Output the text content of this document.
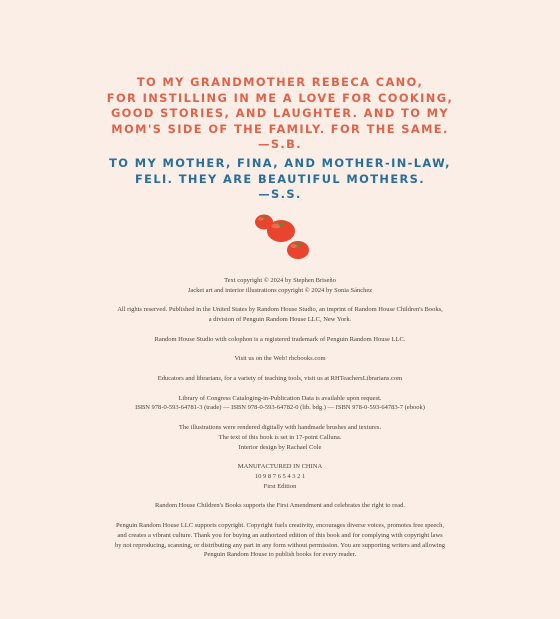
TO MY GRANDMOTHER REBECA CANO,
FOR INSTILLING IN ME A LOVE FOR COOKING,
GOOD STORIES, AND LAUGHTER. AND TO MY
MOM'S SIDE OF THE FAMILY. FOR THE SAME.
—S.B.
TO MY MOTHER, FINA, AND MOTHER-IN-LAW,
FELI. THEY ARE BEAUTIFUL MOTHERS.
—S.S.

Text copyright © 2024 by Stephen Briseño
Jacket art and interior illustrations copyright © 2024 by Sonia Sánchez

All rights reserved. Published in the United States by Random House Studio, an imprint of Random House Children's Books,
a division of Penguin Random House LLC, New York.

Random House Studio with colophon is a registered trademark of Penguin Random House LLC.

Visit us on the Web! rhcbooks.com

Educators and librarians, for a variety of teaching tools, visit us at RHTeachersLibrarians.com

Library of Congress Cataloging-in-Publication Data is available upon request.
ISBN 978-0-593-64781-3 (trade) — ISBN 978-0-593-64782-0 (lib. bdg.) — ISBN 978-0-593-64783-7 (ebook)

The illustrations were rendered digitally with handmade brushes and textures.
The text of this book is set in 17-point Calluna.
Interior design by Rachael Cole

MANUFACTURED IN CHINA
10 9 8 7 6 5 4 3 2 1
First Edition

Random House Children's Books supports the First Amendment and celebrates the right to read.

Penguin Random House LLC supports copyright. Copyright fuels creativity, encourages diverse voices, promotes free speech,
and creates a vibrant culture. Thank you for buying an authorized edition of this book and for complying with copyright laws
by not reproducing, scanning, or distributing any part in any form without permission. You are supporting writers and allowing
Penguin Random House to publish books for every reader.
